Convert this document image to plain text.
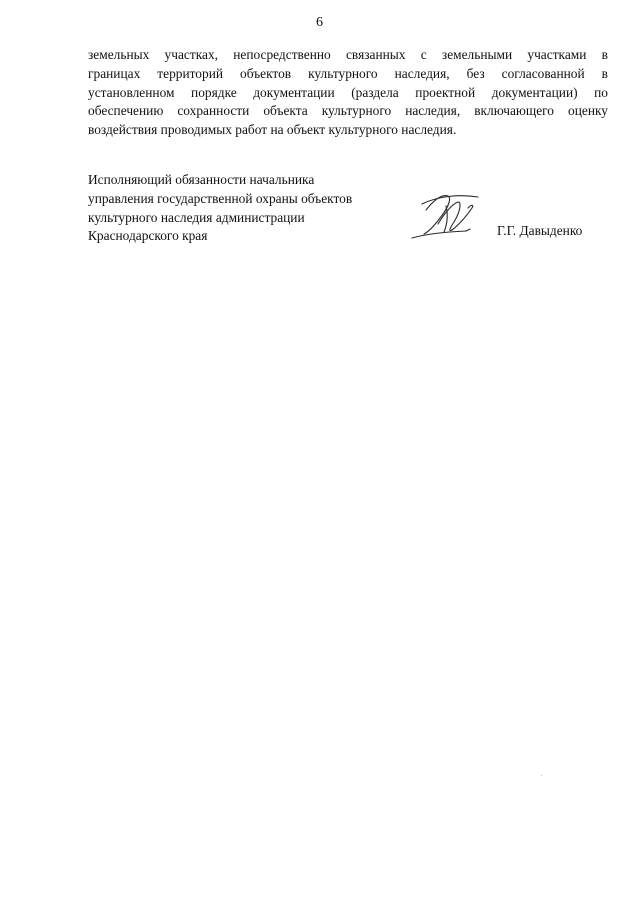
6
земельных участках, непосредственно связанных с земельными участками в
границах территорий объектов культурного наследия, без согласованной в
установленном порядке документации (раздела проектной документации) по
обеспечению сохранности объекта культурного наследия, включающего оценку
воздействия проводимых работ на объект культурного наследия.
Исполняющий обязанности начальника
управления государственной охраны объектов
культурного наследия администрации
Краснодарского края	Г.Г. Давыденко
